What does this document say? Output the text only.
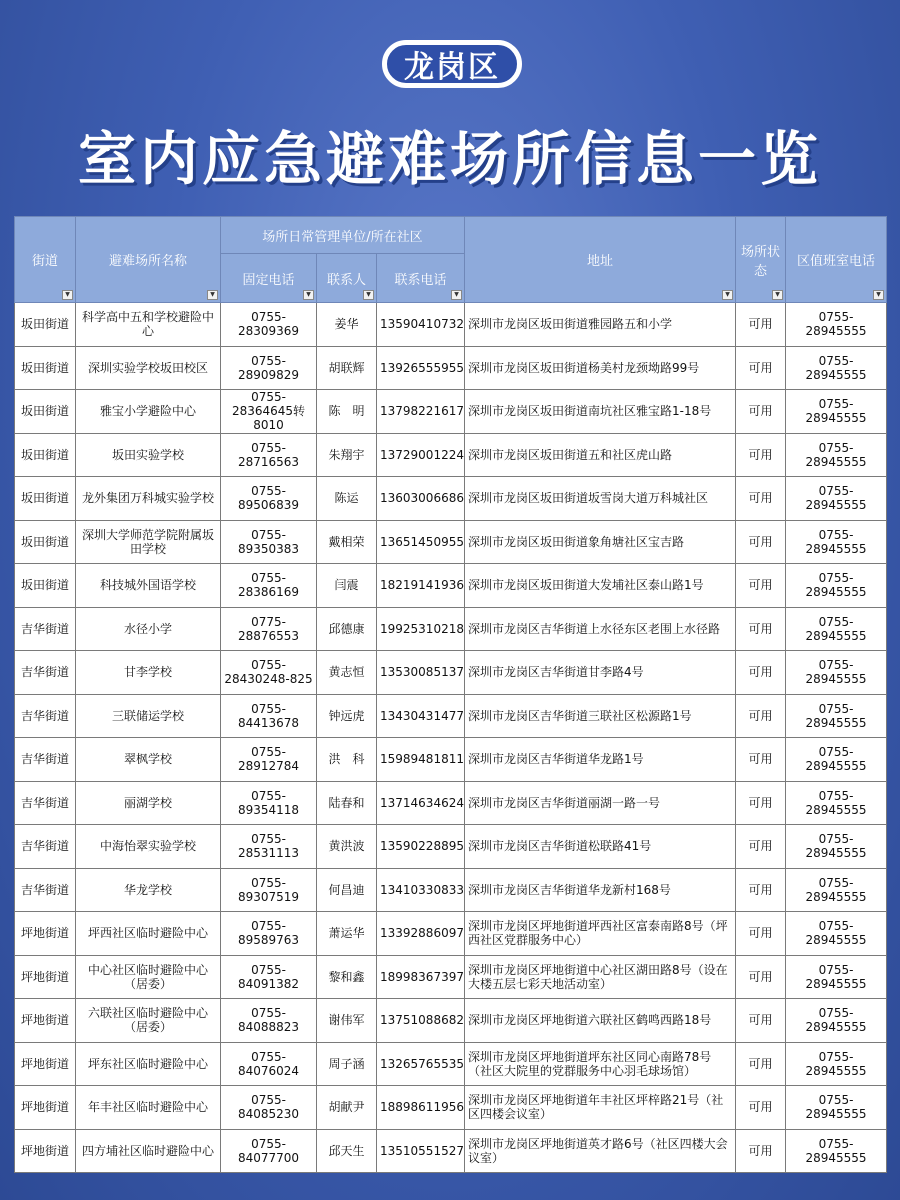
龙岗区
室内应急避难场所信息一览
街道
▼	避难场所名称
▼	场所日常管理单位/所在社区			地址
▼	场所状态
▼	区值班室电话
▼

		固定电话
▼	联系人
▼	联系电话
▼			

坂田街道	科学高中五和学校避险中心	0755-28309369	姜华	13590410732	深圳市龙岗区坂田街道雅园路五和小学	可用	0755-28945555
坂田街道	深圳实验学校坂田校区	0755-28909829	胡联辉	13926555955	深圳市龙岗区坂田街道杨美村龙颈坳路99号	可用	0755-28945555
坂田街道	雅宝小学避险中心	0755-28364645转8010	陈　明	13798221617	深圳市龙岗区坂田街道南坑社区雅宝路1-18号	可用	0755-28945555
坂田街道	坂田实验学校	0755-28716563	朱翔宇	13729001224	深圳市龙岗区坂田街道五和社区虎山路	可用	0755-28945555
坂田街道	龙外集团万科城实验学校	0755-89506839	陈运	13603006686	深圳市龙岗区坂田街道坂雪岗大道万科城社区	可用	0755-28945555
坂田街道	深圳大学师范学院附属坂田学校	0755-89350383	戴相荣	13651450955	深圳市龙岗区坂田街道象角塘社区宝吉路	可用	0755-28945555
坂田街道	科技城外国语学校	0755-28386169	闫震	18219141936	深圳市龙岗区坂田街道大发埔社区泰山路1号	可用	0755-28945555
吉华街道	水径小学	0775-28876553	邱德康	19925310218	深圳市龙岗区吉华街道上水径东区老围上水径路	可用	0755-28945555
吉华街道	甘李学校	0755-28430248-825	黄志恒	13530085137	深圳市龙岗区吉华街道甘李路4号	可用	0755-28945555
吉华街道	三联储运学校	0755-84413678	钟远虎	13430431477	深圳市龙岗区吉华街道三联社区松源路1号	可用	0755-28945555
吉华街道	翠枫学校	0755-28912784	洪　科	15989481811	深圳市龙岗区吉华街道华龙路1号	可用	0755-28945555
吉华街道	丽湖学校	0755-89354118	陆春和	13714634624	深圳市龙岗区吉华街道丽湖一路一号	可用	0755-28945555
吉华街道	中海怡翠实验学校	0755-28531113	黄洪波	13590228895	深圳市龙岗区吉华街道松联路41号	可用	0755-28945555
吉华街道	华龙学校	0755-89307519	何昌迪	13410330833	深圳市龙岗区吉华街道华龙新村168号	可用	0755-28945555
坪地街道	坪西社区临时避险中心	0755-89589763	萧运华	13392886097	深圳市龙岗区坪地街道坪西社区富泰南路8号（坪西社区党群服务中心）	可用	0755-28945555
坪地街道	中心社区临时避险中心（居委）	0755-84091382	黎和鑫	18998367397	深圳市龙岗区坪地街道中心社区湖田路8号（设在大楼五层七彩天地活动室）	可用	0755-28945555
坪地街道	六联社区临时避险中心（居委）	0755-84088823	谢伟军	13751088682	深圳市龙岗区坪地街道六联社区鹤鸣西路18号	可用	0755-28945555
坪地街道	坪东社区临时避险中心	0755-84076024	周子涵	13265765535	深圳市龙岗区坪地街道坪东社区同心南路78号（社区大院里的党群服务中心羽毛球场馆）	可用	0755-28945555
坪地街道	年丰社区临时避险中心	0755-84085230	胡献尹	18898611956	深圳市龙岗区坪地街道年丰社区坪梓路21号（社区四楼会议室）	可用	0755-28945555
坪地街道	四方埔社区临时避险中心	0755-84077700	邱天生	13510551527	深圳市龙岗区坪地街道英才路6号（社区四楼大会议室）	可用	0755-28945555
